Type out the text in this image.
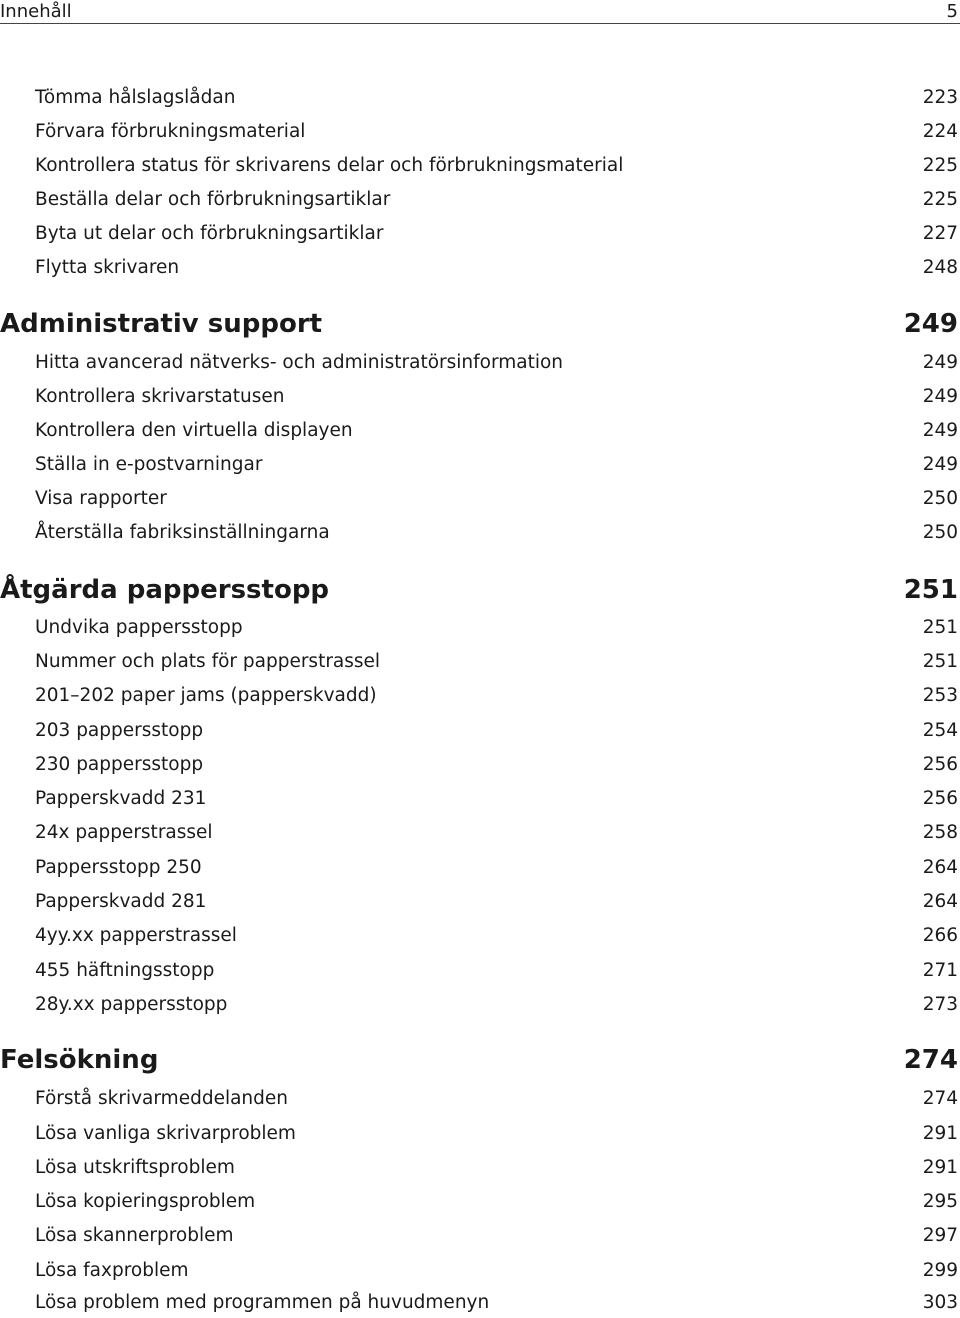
Innehåll	5
Tömma hålslagslådan . . .	223
Förvara förbrukningsmaterial . . .	224
Kontrollera status för skrivarens delar och förbrukningsmaterial . . .	225
Beställa delar och förbrukningsartiklar . . .	225
Byta ut delar och förbrukningsartiklar . . .	227
Flytta skrivaren . . .	248
Administrativ support . . .	249
Hitta avancerad nätverks- och administratörsinformation . . .	249
Kontrollera skrivarstatusen . . .	249
Kontrollera den virtuella displayen . . .	249
Ställa in e-postvarningar . . .	249
Visa rapporter . . .	250
Återställa fabriksinställningarna . . .	250
Åtgärda pappersstopp . . .	251
Undvika pappersstopp . . .	251
Nummer och plats för papperstrassel . . .	251
201–202 paper jams (papperskvadd) . . .	253
203 pappersstopp . . .	254
230 pappersstopp . . .	256
Papperskvadd 231 . . .	256
24x papperstrassel . . .	258
Pappersstopp 250 . . .	264
Papperskvadd 281 . . .	264
4yy.xx papperstrassel . . .	266
455 häftningsstopp . . .	271
28y.xx pappersstopp . . .	273
Felsökning . . .	274
Förstå skrivarmeddelanden . . .	274
Lösa vanliga skrivarproblem . . .	291
Lösa utskriftsproblem . . .	291
Lösa kopieringsproblem . . .	295
Lösa skannerproblem . . .	297
Lösa faxproblem . . .	299
Lösa problem med programmen på huvudmenyn . . .	303
